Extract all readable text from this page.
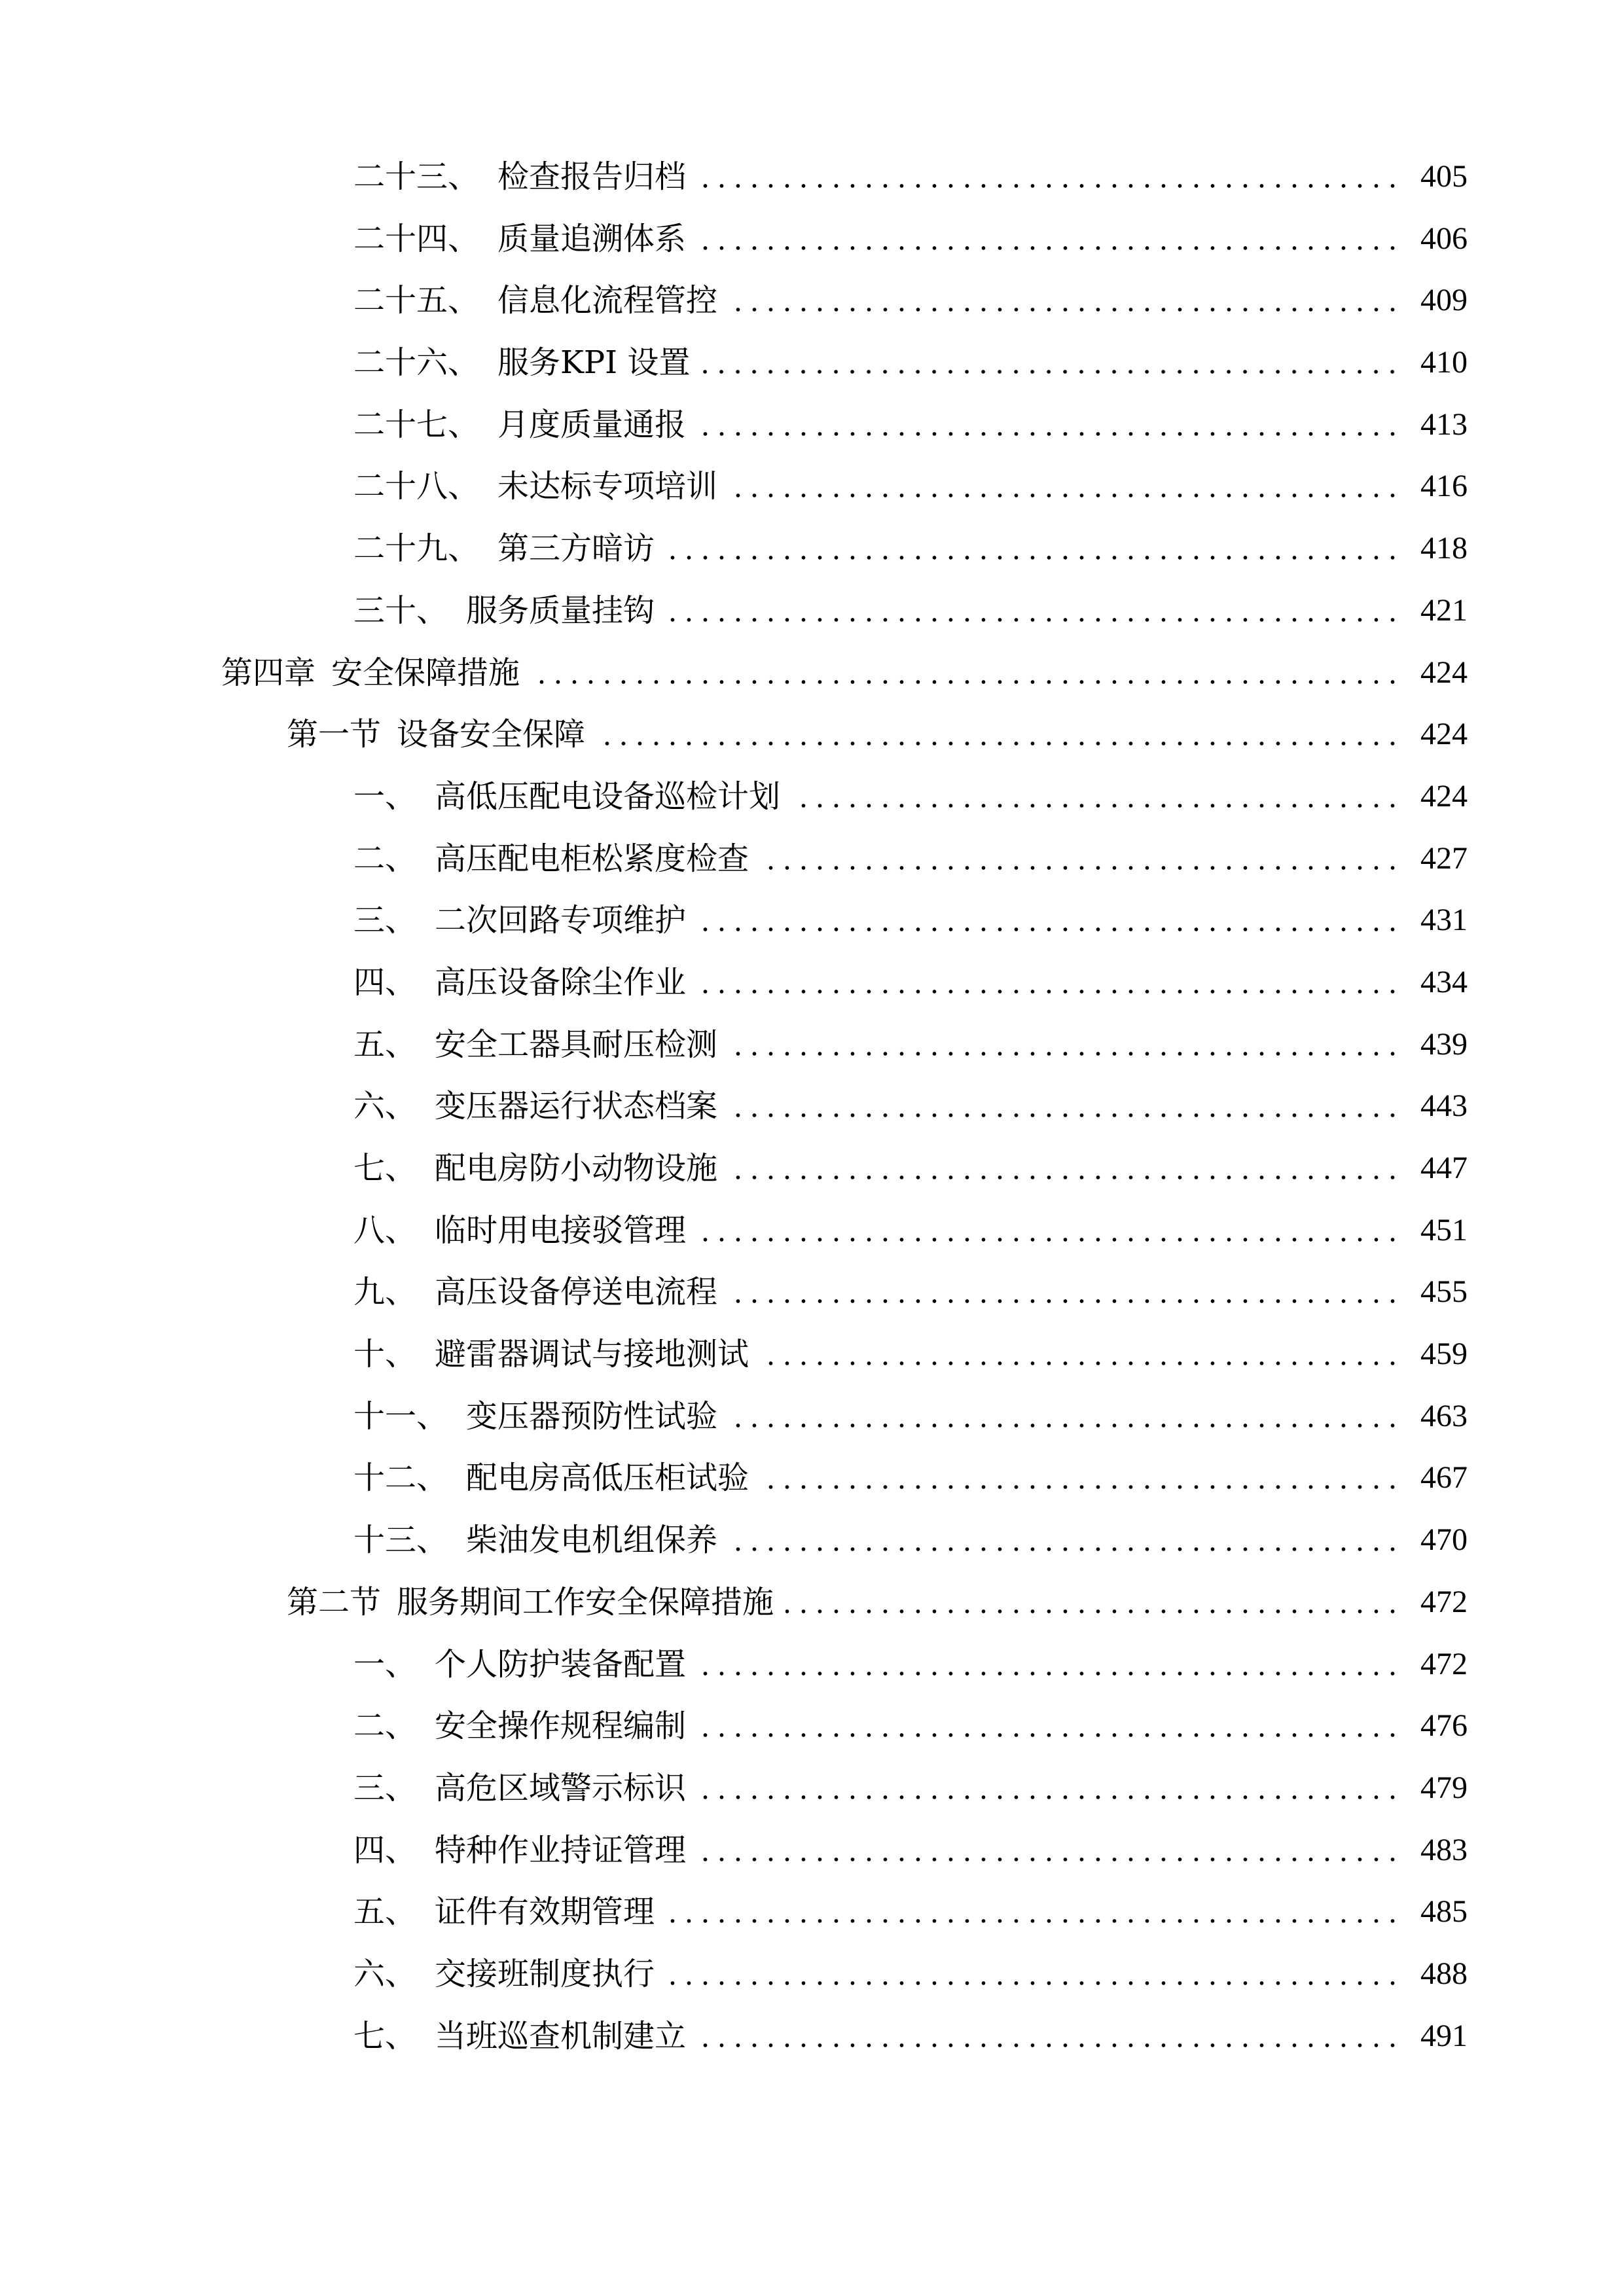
二十三、 检查报告归档	405
二十四、 质量追溯体系	406
二十五、 信息化流程管控	409
二十六、 服务KPI 设置	410
二十七、 月度质量通报	413
二十八、 未达标专项培训	416
二十九、 第三方暗访	418
三十、 服务质量挂钩	421
第四章 安全保障措施	424
第一节 设备安全保障	424
一、 高低压配电设备巡检计划	424
二、 高压配电柜松紧度检查	427
三、 二次回路专项维护	431
四、 高压设备除尘作业	434
五、 安全工器具耐压检测	439
六、 变压器运行状态档案	443
七、 配电房防小动物设施	447
八、 临时用电接驳管理	451
九、 高压设备停送电流程	455
十、 避雷器调试与接地测试	459
十一、 变压器预防性试验	463
十二、 配电房高低压柜试验	467
十三、 柴油发电机组保养	470
第二节 服务期间工作安全保障措施	472
一、 个人防护装备配置	472
二、 安全操作规程编制	476
三、 高危区域警示标识	479
四、 特种作业持证管理	483
五、 证件有效期管理	485
六、 交接班制度执行	488
七、 当班巡查机制建立	491
